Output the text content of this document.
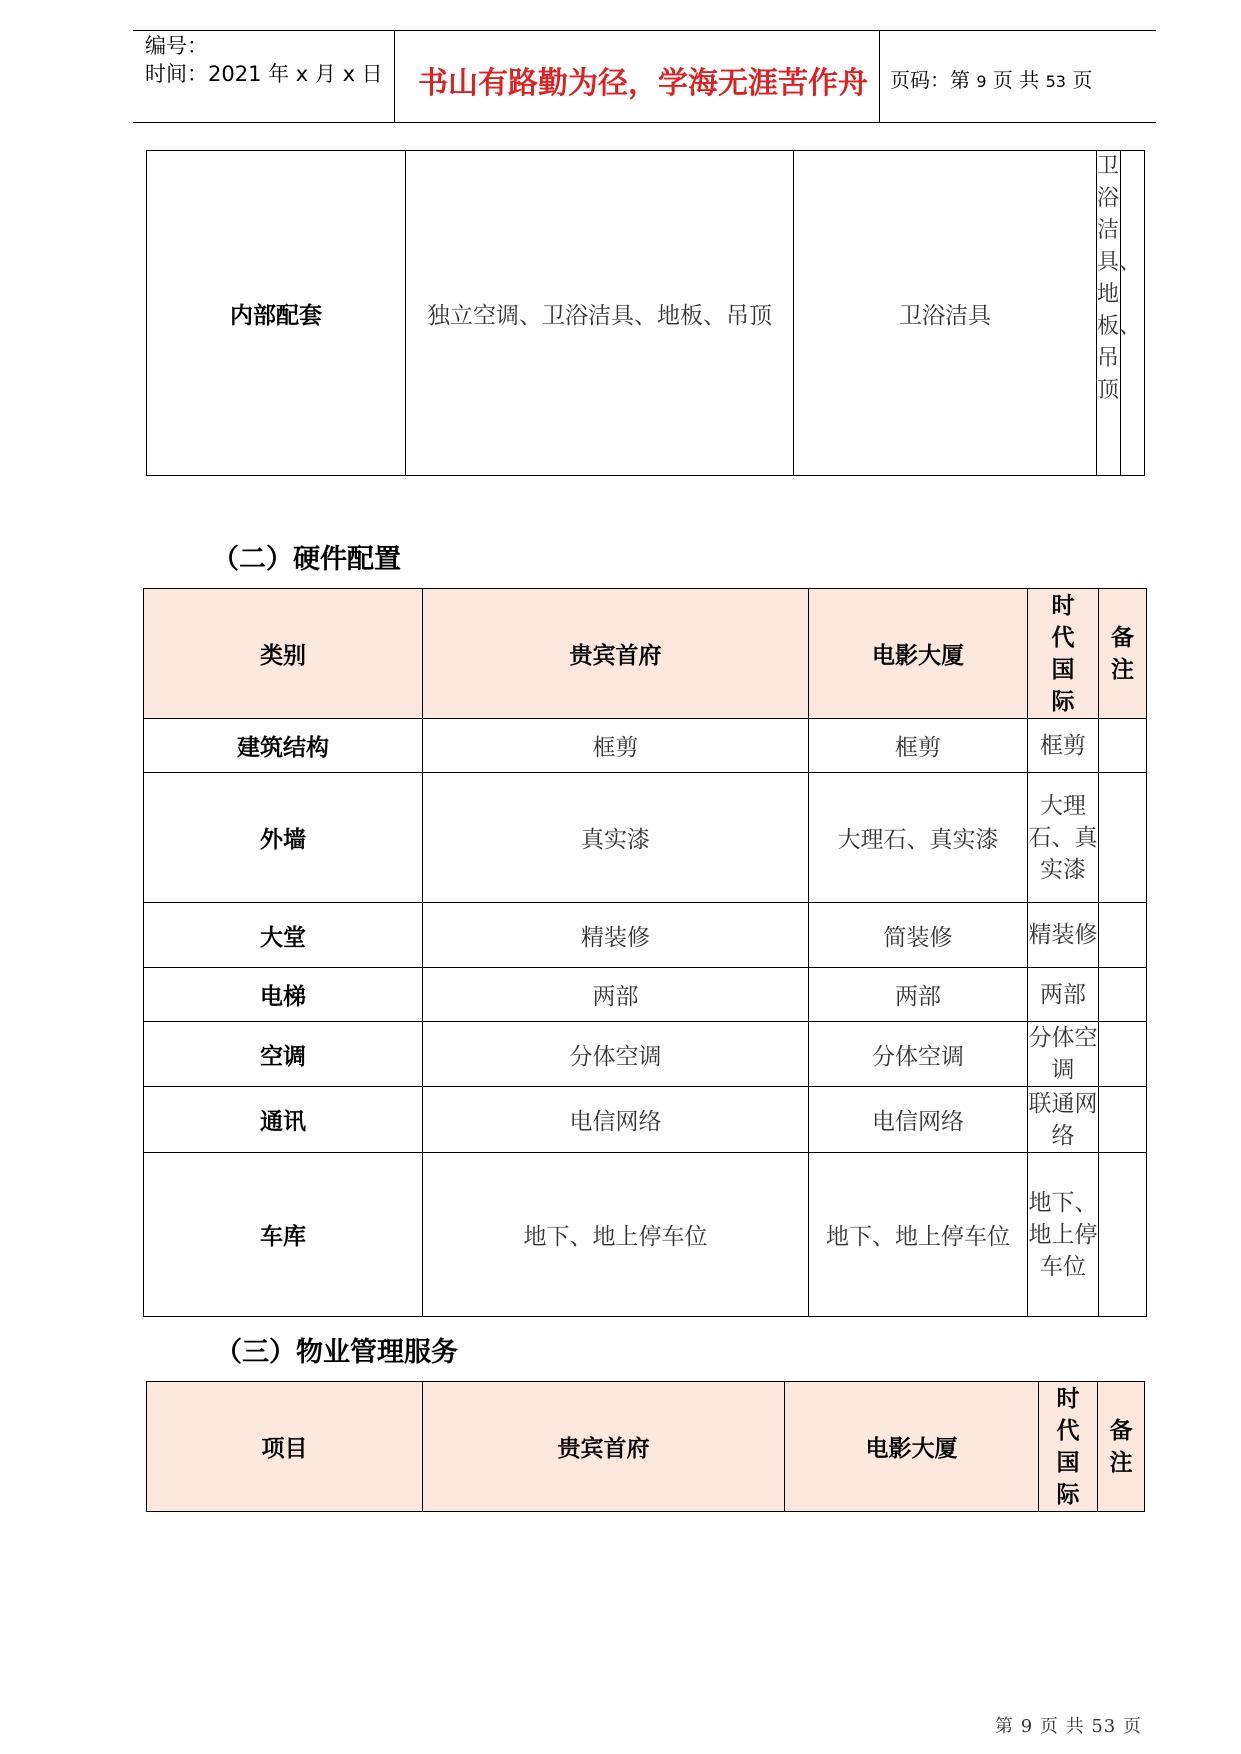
编号：
时间：2021 年 x 月 x 日 书山有路勤为径，学海无涯苦作舟 页码：第 9 页 共 53 页
内部配套	独立空调、卫浴洁具、地板、吊顶	卫浴洁具	卫浴洁具、地板、吊顶	
（二）硬件配置
类别	贵宾首府	电影大厦	时代国际	备注
建筑结构	框剪	框剪	框剪	
外墙	真实漆	大理石、真实漆	大理石、真实漆	
大堂	精装修	简装修	精装修	
电梯	两部	两部	两部	
空调	分体空调	分体空调	分体空调	
通讯	电信网络	电信网络	联通网络	
车库	地下、地上停车位	地下、地上停车位	地下、地上停车位	
（三）物业管理服务
项目	贵宾首府	电影大厦	时代国际	备注
第 9 页 共 53 页
